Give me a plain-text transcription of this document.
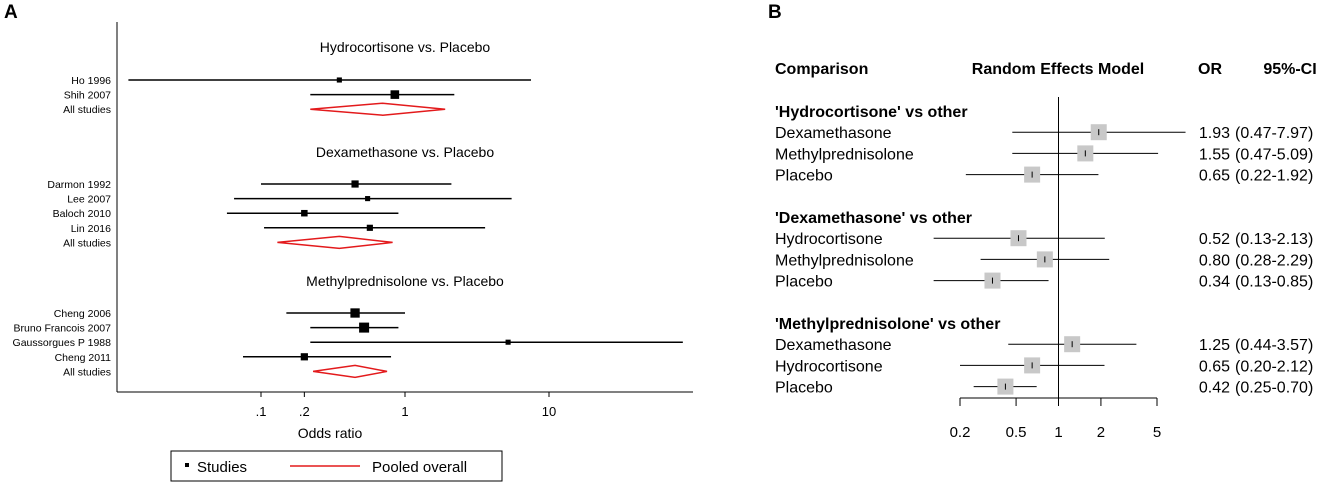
A	B
.1	.2	1	10
Odds ratio
Hydrocortisone vs. Placebo
Ho 1996
Shih 2007
All studies
Dexamethasone vs. Placebo
Darmon 1992
Lee 2007
Baloch 2010
Lin 2016
All studies
Methylprednisolone vs. Placebo
Cheng 2006
Bruno Francois 2007
Gaussorgues P 1988
Cheng 2011
All studies
Studies	Pooled overall
Comparison	Random Effects Model	OR	95%-CI
0.2 0.5 1 2	5
'Hydrocortisone' vs other
Dexamethasone	1.93 (0.47-7.97)
Methylprednisolone	1.55 (0.47-5.09)
Placebo	0.65 (0.22-1.92)
'Dexamethasone' vs other
Hydrocortisone	0.52 (0.13-2.13)
Methylprednisolone	0.80 (0.28-2.29)
Placebo	0.34 (0.13-0.85)
'Methylprednisolone' vs other
Dexamethasone	1.25 (0.44-3.57)
Hydrocortisone	0.65 (0.20-2.12)
Placebo	0.42 (0.25-0.70)
